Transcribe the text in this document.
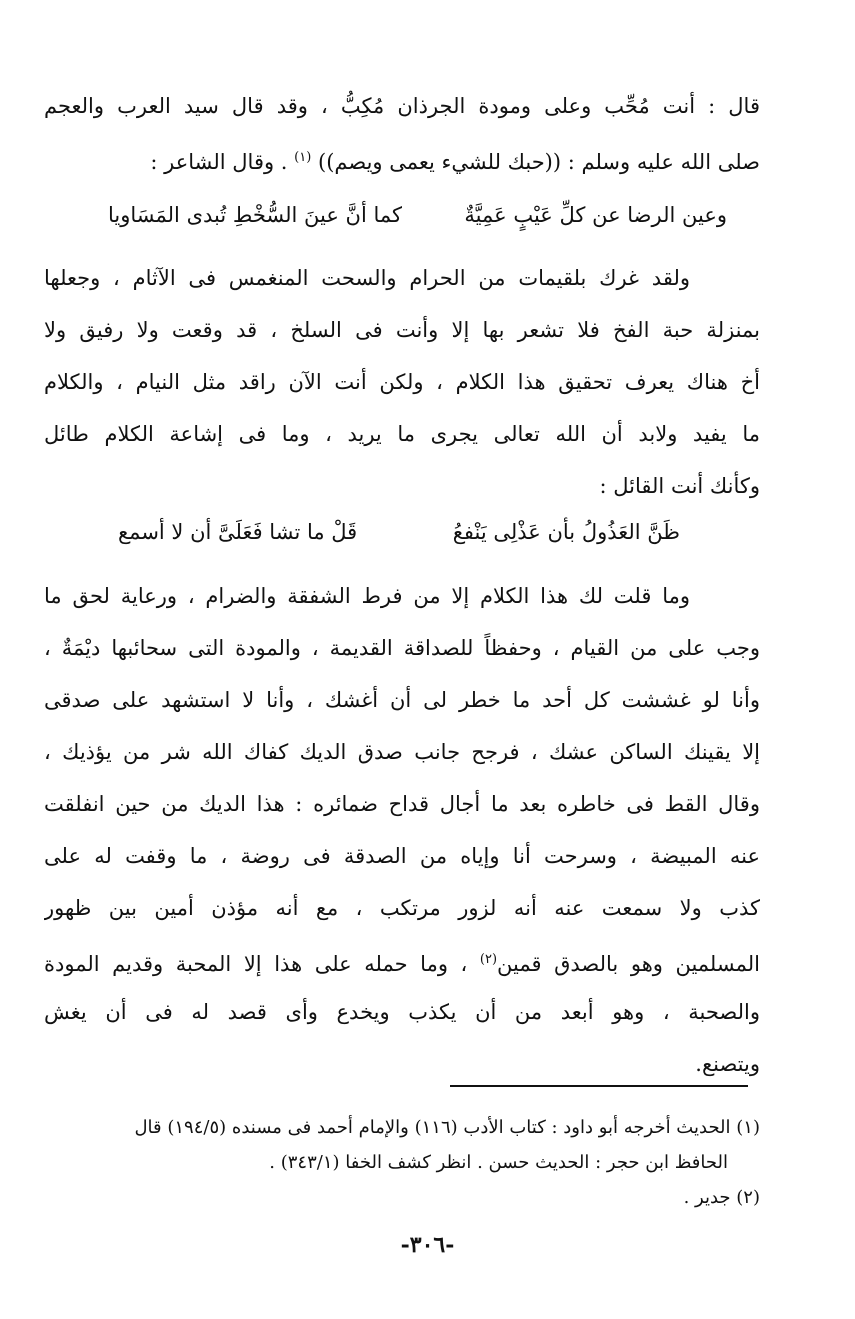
قال : أنت مُحِّب وعلى ومودة الجرذان مُكِبُّ ، وقد قال سيد العرب والعجم
صلى الله عليه وسلم : ((حبك للشيء يعمى ويصم)) $^{(١)}$ . وقال الشاعر :
وعين الرضا عن كلِّ عَيْبٍ عَمِيَّةٌ
كما أنَّ عينَ السُّخْطِ تُبدى المَسَاويا
ولقد غرك بلقيمات من الحرام والسحت المنغمس فى الآثام ، وجعلها
بمنزلة حبة الفخ فلا تشعر بها إلا وأنت فى السلخ ، قد وقعت ولا رفيق ولا
أخ هناك يعرف تحقيق هذا الكلام ، ولكن أنت الآن راقد مثل النيام ، والكلام
ما يفيد ولابد أن الله تعالى يجرى ما يريد ، وما فى إشاعة الكلام طائل
وكأنك أنت القائل :
ظَنَّ العَذُولُ بأن عَذْلِى يَنْفعُ
قَلْ ما تشا فَعَلَىَّ أن لا أسمع
وما قلت لك هذا الكلام إلا من فرط الشفقة والضرام ، ورعاية لحق ما
وجب على من القيام ، وحفظاً للصداقة القديمة ، والمودة التى سحائبها ديْمَةٌ ،
وأنا لو غششت كل أحد ما خطر لى أن أغشك ، وأنا لا استشهد على صدقى
إلا يقينك الساكن عشك ، فرجح جانب صدق الديك كفاك الله شر من يؤذيك ،
وقال القط فى خاطره بعد ما أجال قداح ضمائره : هذا الديك من حين انفلقت
عنه المبيضة ، وسرحت أنا وإياه من الصدقة فى روضة ، ما وقفت له على
كذب ولا سمعت عنه أنه لزور مرتكب ، مع أنه مؤذن أمين بين ظهور
المسلمين وهو بالصدق قمين$^{(٢)}$ ، وما حمله على هذا إلا المحبة وقديم المودة
والصحبة ، وهو أبعد من أن يكذب ويخدع وأى قصد له فى أن يغش
ويتصنع.
(١) الحديث أخرجه أبو داود : كتاب الأدب (١١٦) والإمام أحمد فى مسنده (١٩٤/٥) قال
الحافظ ابن حجر : الحديث حسن . انظر كشف الخفا (٣٤٣/١) .
(٢) جدير .
-٣٠٦-
